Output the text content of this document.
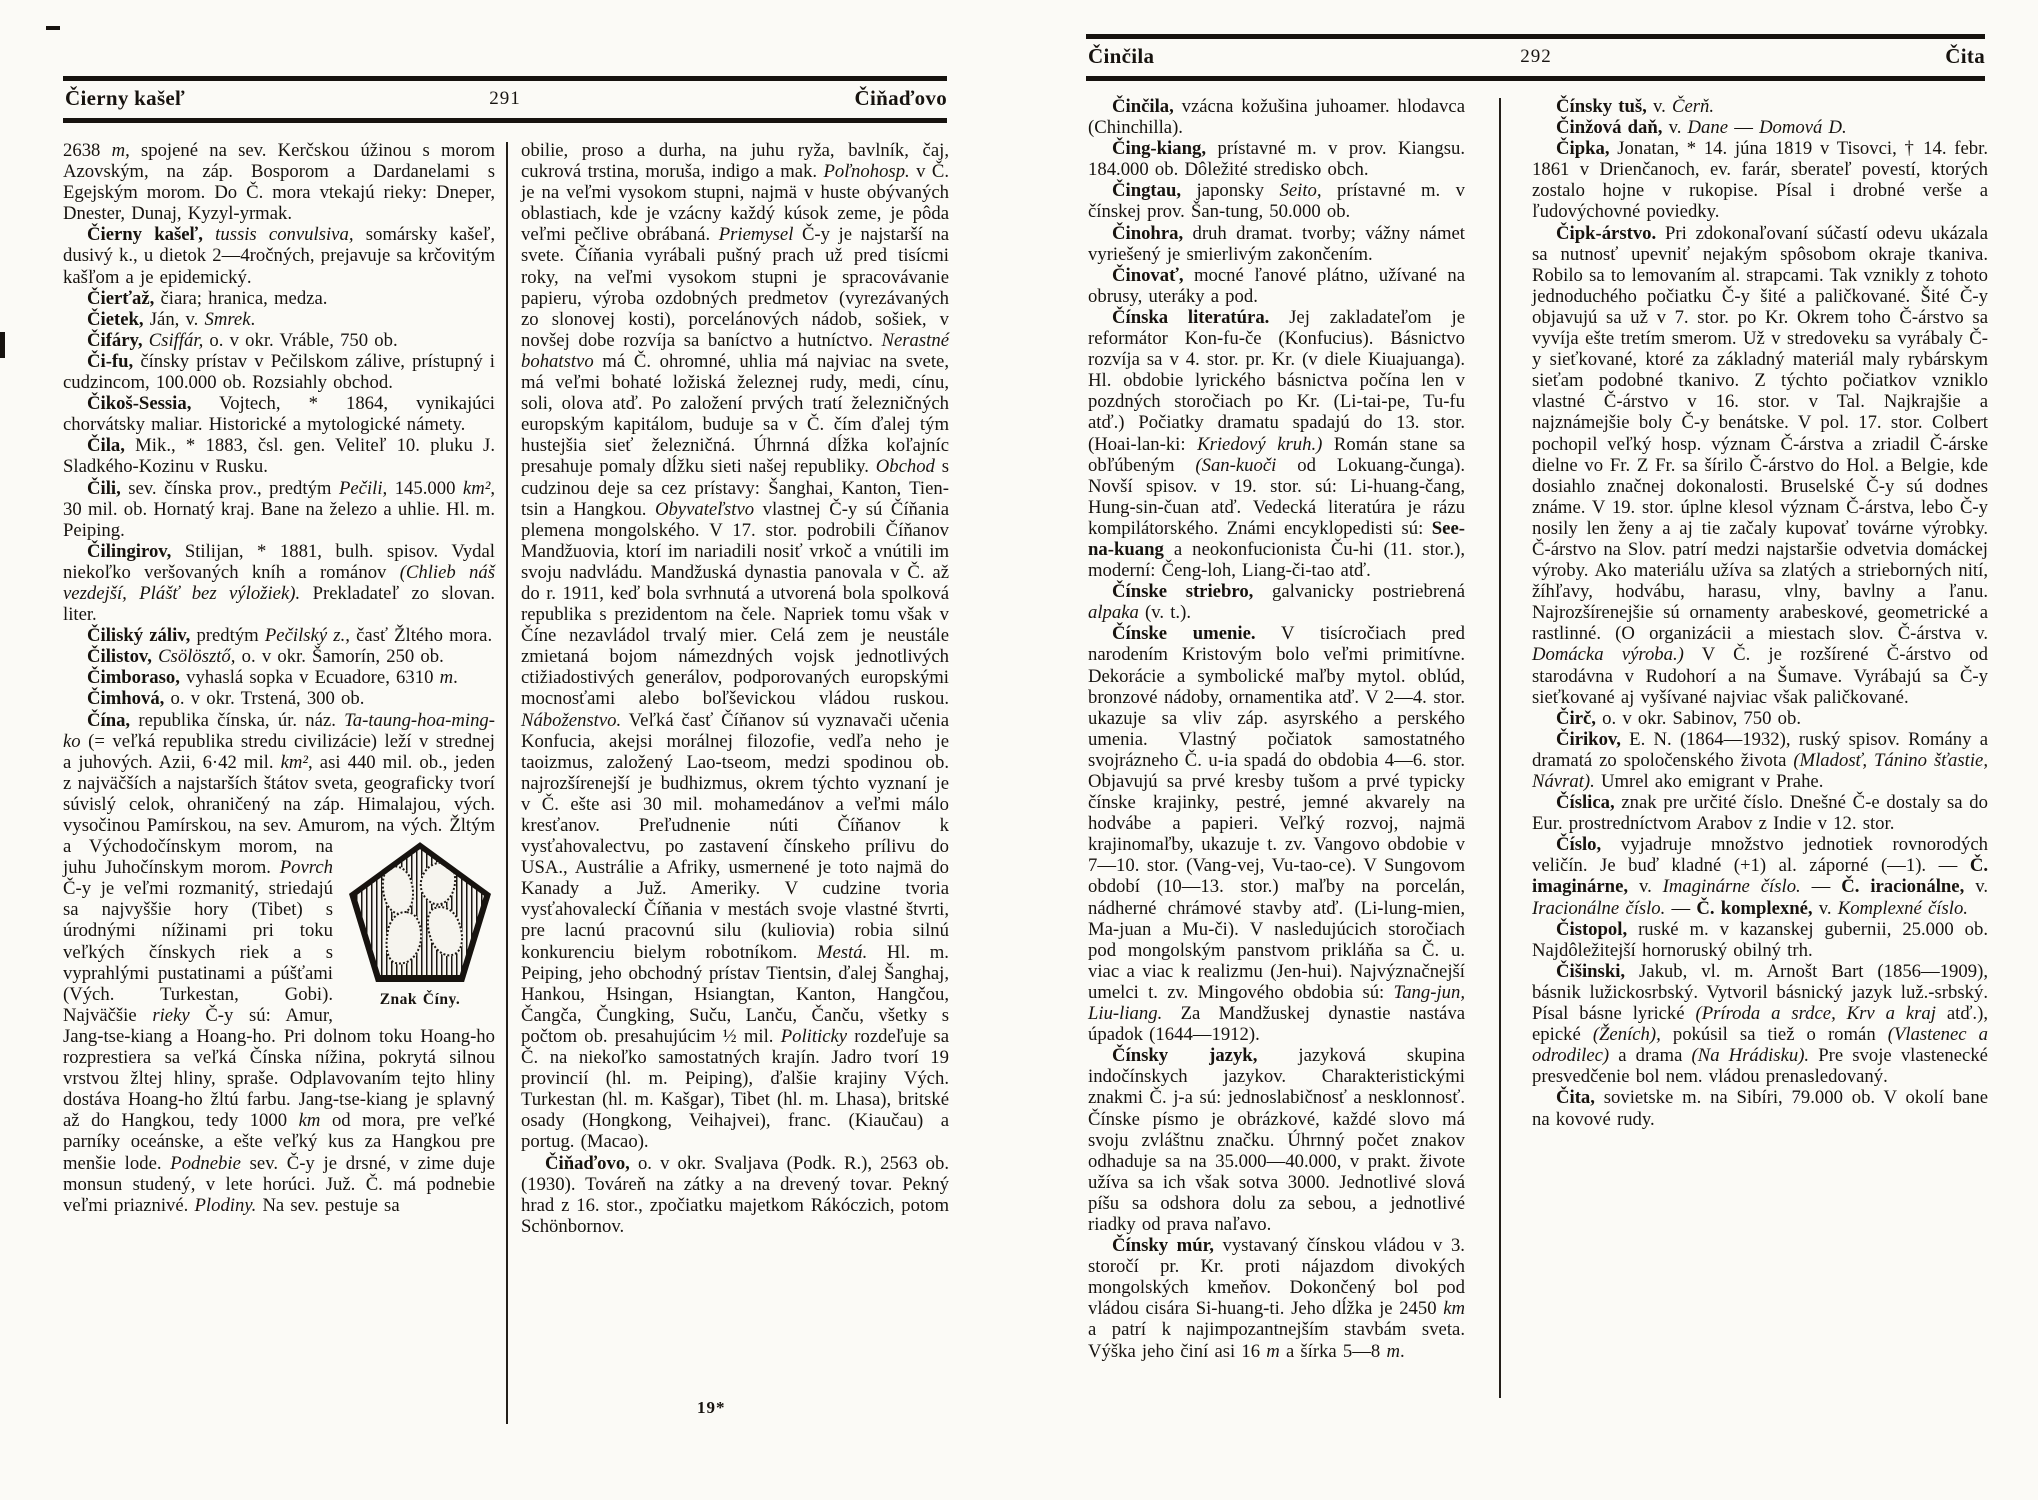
Čierny kašeľ	291	Čiňaďovo

2638 m, spojené na sev. Kerčskou úžinou s morom Azovským, na záp. Bosporom a Dardanelami s Egejským morom. Do Č. mora vtekajú rieky: Dneper, Dnester, Dunaj, Kyzyl-yrmak.

Čierny kašeľ, tussis convulsiva, somársky kašeľ, dusivý k., u dietok 2—4ročných, prejavuje sa krčovitým kašľom a je epidemický.

Čierťaž, čiara; hranica, medza.

Čietek, Ján, v. Smrek.

Čifáry, Csiffár, o. v okr. Vráble, 750 ob.

Či-fu, čínsky prístav v Pečilskom zálive, prístupný i cudzincom, 100.000 ob. Rozsiahly obchod.

Čikoš-Sessia, Vojtech, * 1864, vynikajúci chorvátsky maliar. Historické a mytologické námety.

Čila, Mik., * 1883, čsl. gen. Veliteľ 10. pluku J. Sladkého-Kozinu v Rusku.

Čili, sev. čínska prov., predtým Pečili, 145.000 km², 30 mil. ob. Hornatý kraj. Bane na železo a uhlie. Hl. m. Peiping.

Čilingirov, Stilijan, * 1881, bulh. spisov. Vydal niekoľko veršovaných kníh a románov (Chlieb náš vezdejší, Plášť bez výložiek). Prekladateľ zo slovan. liter.

Čiliský záliv, predtým Pečilský z., časť Žltého mora.

Čilistov, Csölösztő, o. v okr. Šamorín, 250 ob.

Čimboraso, vyhaslá sopka v Ecuadore, 6310 m.

Čimhová, o. v okr. Trstená, 300 ob.

Čína, republika čínska, úr. náz. Ta-taung-hoa-ming-ko (= veľká republika stredu civilizácie) leží v strednej a juhových. Azii, 6·42 mil. km², asi 440 mil. ob., jeden z najväčších a najstarších štátov sveta, geograficky tvorí súvislý celok, ohraničený na záp. Himalajou, vých. vysočinou Pamírskou, na sev. Amurom, na vých. Žltým
Znak Číny.
a Východočínskym morom, na juhu Juhočínskym morom. Povrch Č-y je veľmi rozmanitý, striedajú sa najvyššie hory (Tibet) s úrodnými nížinami pri toku veľkých čínskych riek a s vyprahlými pustatinami a púšťami (Vých. Turkestan, Gobi). Najväčšie rieky Č-y sú: Amur, Jang-tse-kiang a Hoang-ho. Pri dolnom toku Hoang-ho rozprestiera sa veľká Čínska nížina, pokrytá silnou vrstvou žltej hliny, spraše. Odplavovaním tejto hliny dostáva Hoang-ho žltú farbu. Jang-tse-kiang je splavný až do Hangkou, tedy 1000 km od mora, pre veľké parníky oceánske, a ešte veľký kus za Hangkou pre menšie lode. Podnebie sev. Č-y je drsné, v zime duje monsun studený, v lete horúci. Juž. Č. má podnebie veľmi priaznivé. Plodiny. Na sev. pestuje sa

obilie, proso a durha, na juhu ryža, bavlník, čaj, cukrová trstina, moruša, indigo a mak. Poľnohosp. v Č. je na veľmi vysokom stupni, najmä v huste obývaných oblastiach, kde je vzácny každý kúsok zeme, je pôda veľmi pečlive obrábaná. Priemysel Č-y je najstarší na svete. Číňania vyrábali pušný prach už pred tisícmi roky, na veľmi vysokom stupni je spracovávanie papieru, výroba ozdobných predmetov (vyrezávaných zo slonovej kosti), porcelánových nádob, sošiek, v novšej dobe rozvíja sa baníctvo a hutníctvo. Nerastné bohatstvo má Č. ohromné, uhlia má najviac na svete, má veľmi bohaté ložiská železnej rudy, medi, cínu, soli, olova atď. Po založení prvých tratí železničných europským kapitálom, buduje sa v Č. čím ďalej tým hustejšia sieť železničná. Úhrnná dĺžka koľajníc presahuje pomaly dĺžku sieti našej republiky. Obchod s cudzinou deje sa cez prístavy: Šanghai, Kanton, Tien-tsin a Hangkou. Obyvateľstvo vlastnej Č-y sú Číňania plemena mongolského. V 17. stor. podrobili Číňanov Mandžuovia, ktorí im nariadili nosiť vrkoč a vnútili im svoju nadvládu. Mandžuská dynastia panovala v Č. až do r. 1911, keď bola svrhnutá a utvorená bola spolková republika s prezidentom na čele. Napriek tomu však v Číne nezavládol trvalý mier. Celá zem je neustále zmietaná bojom námezdných vojsk jednotlivých ctižiadostivých generálov, podporovaných europskými mocnosťami alebo boľševickou vládou ruskou. Náboženstvo. Veľká časť Číňanov sú vyznavači učenia Konfucia, akejsi morálnej filozofie, vedľa neho je taoizmus, založený Lao-tseom, medzi spodinou ob. najrozšírenejší je budhizmus, okrem týchto vyznaní je v Č. ešte asi 30 mil. mohamedánov a veľmi málo kresťanov. Preľudnenie núti Číňanov k vysťahovalectvu, po zastavení čínskeho prílivu do USA., Austrálie a Afriky, usmernené je toto najmä do Kanady a Juž. Ameriky. V cudzine tvoria vysťahovaleckí Číňania v mestách svoje vlastné štvrti, pre lacnú pracovnú silu (kuliovia) robia silnú konkurenciu bielym robotníkom. Mestá. Hl. m. Peiping, jeho obchodný prístav Tientsin, ďalej Šanghaj, Hankou, Hsingan, Hsiangtan, Kanton, Hangčou, Čangča, Čungking, Suču, Lanču, Čanču, všetky s počtom ob. presahujúcim ½ mil. Politicky rozdeľuje sa Č. na niekoľko samostatných krajín. Jadro tvorí 19 provincií (hl. m. Peiping), ďalšie krajiny Vých. Turkestan (hl. m. Kašgar), Tibet (hl. m. Lhasa), britské osady (Hongkong, Veihajvei), franc. (Kiaučau) a portug. (Macao).

Čiňaďovo, o. v okr. Svaljava (Podk. R.), 2563 ob. (1930). Továreň na zátky a na drevený tovar. Pekný hrad z 16. stor., zpočiatku majetkom Rákóczich, potom Schönbornov.

19*
Činčila	292	Čita

Činčila, vzácna kožušina juhoamer. hlodavca (Chinchilla).

Čing-kiang, prístavné m. v prov. Kiangsu. 184.000 ob. Dôležité stredisko obch.

Čingtau, japonsky Seito, prístavné m. v čínskej prov. Šan-tung, 50.000 ob.

Činohra, druh dramat. tvorby; vážny námet vyriešený je smierlivým zakončením.

Činovať, mocné ľanové plátno, užívané na obrusy, uteráky a pod.

Čínska literatúra. Jej zakladateľom je reformátor Kon-fu-če (Konfucius). Básnictvo rozvíja sa v 4. stor. pr. Kr. (v diele Kiuajuanga). Hl. obdobie lyrického básnictva počína len v pozdných storočiach po Kr. (Li-tai-pe, Tu-fu atď.) Počiatky dramatu spadajú do 13. stor. (Hoai-lan-ki: Kriedový kruh.) Román stane sa obľúbeným (San-kuoči od Lokuang-čunga). Novší spisov. v 19. stor. sú: Li-huang-čang, Hung-sin-čuan atď. Vedecká literatúra je rázu kompilátorského. Známi encyklopedisti sú: See-na-kuang a neokonfucionista Ču-hi (11. stor.), moderní: Čeng-loh, Liang-či-tao atď.

Čínske striebro, galvanicky postriebrená alpaka (v. t.).

Čínske umenie. V tisícročiach pred narodením Kristovým bolo veľmi primitívne. Dekorácie a symbolické maľby mytol. oblúd, bronzové nádoby, ornamentika atď. V 2—4. stor. ukazuje sa vliv záp. asyrského a perského umenia. Vlastný počiatok samostatného svojrázneho Č. u-ia spadá do obdobia 4—6. stor. Objavujú sa prvé kresby tušom a prvé typicky čínske krajinky, pestré, jemné akvarely na hodvábe a papieri. Veľký rozvoj, najmä krajinomaľby, ukazuje t. zv. Vangovo obdobie v 7—10. stor. (Vang-vej, Vu-tao-ce). V Sungovom období (10—13. stor.) maľby na porcelán, nádherné chrámové stavby atď. (Li-lung-mien, Ma-juan a Mu-či). V nasledujúcich storočiach pod mongolským panstvom prikláňa sa Č. u. viac a viac k realizmu (Jen-hui). Najvýznačnejší umelci t. zv. Mingového obdobia sú: Tang-jun, Liu-liang. Za Mandžuskej dynastie nastáva úpadok (1644—1912).

Čínsky jazyk, jazyková skupina indočínskych jazykov. Charakteristickými znakmi Č. j-a sú: jednoslabičnosť a nesklonnosť. Čínske písmo je obrázkové, každé slovo má svoju zvláštnu značku. Úhrnný počet znakov odhaduje sa na 35.000—40.000, v prakt. živote užíva sa ich však sotva 3000. Jednotlivé slová píšu sa odshora dolu za sebou, a jednotlivé riadky od prava naľavo.

Čínsky múr, vystavaný čínskou vládou v 3. storočí pr. Kr. proti nájazdom divokých mongolských kmeňov. Dokončený bol pod vládou cisára Si-huang-ti. Jeho dĺžka je 2450 km a patrí k najimpozantnejším stavbám sveta. Výška jeho činí asi 16 m a šírka 5—8 m.

Čínsky tuš, v. Čerň.

Činžová daň, v. Dane — Domová D.

Čipka, Jonatan, * 14. júna 1819 v Tisovci, † 14. febr. 1861 v Drienčanoch, ev. farár, sberateľ povestí, ktorých zostalo hojne v rukopise. Písal i drobné verše a ľudovýchovné poviedky.

Čipk-árstvo. Pri zdokonaľovaní súčastí odevu ukázala sa nutnosť upevniť nejakým spôsobom okraje tkaniva. Robilo sa to lemovaním al. strapcami. Tak vznikly z tohoto jednoduchého počiatku Č-y šité a paličkované. Šité Č-y objavujú sa už v 7. stor. po Kr. Okrem toho Č-árstvo sa vyvíja ešte tretím smerom. Už v stredoveku sa vyrábaly Č-y sieťkované, ktoré za základný materiál maly rybárskym sieťam podobné tkanivo. Z týchto počiatkov vzniklo vlastné Č-árstvo v 16. stor. v Tal. Najkrajšie a najznámejšie boly Č-y benátske. V pol. 17. stor. Colbert pochopil veľký hosp. význam Č-árstva a zriadil Č-árske dielne vo Fr. Z Fr. sa šírilo Č-árstvo do Hol. a Belgie, kde dosiahlo značnej dokonalosti. Bruselské Č-y sú dodnes známe. V 19. stor. úplne klesol význam Č-árstva, lebo Č-y nosily len ženy a aj tie začaly kupovať továrne výrobky. Č-árstvo na Slov. patrí medzi najstaršie odvetvia domáckej výroby. Ako materiálu užíva sa zlatých a strieborných nití, žíhľavy, hodvábu, harasu, vlny, bavlny a ľanu. Najrozšírenejšie sú ornamenty arabeskové, geometrické a rastlinné. (O organizácii a miestach slov. Č-árstva v. Domácka výroba.) V Č. je rozšírené Č-árstvo od starodávna v Rudohorí a na Šumave. Vyrábajú sa Č-y sieťkované aj vyšívané najviac však paličkované.

Čirč, o. v okr. Sabinov, 750 ob.

Čirikov, E. N. (1864—1932), ruský spisov. Romány a dramatá zo spoločenského života (Mladosť, Tánino šťastie, Návrat). Umrel ako emigrant v Prahe.

Číslica, znak pre určité číslo. Dnešné Č-e dostaly sa do Eur. prostredníctvom Arabov z Indie v 12. stor.

Číslo, vyjadruje množstvo jednotiek rovnorodých veličín. Je buď kladné (+1) al. záporné (—1). — Č. imaginárne, v. Imaginárne číslo. — Č. iracionálne, v. Iracionálne číslo. — Č. komplexné, v. Komplexné číslo.

Čistopol, ruské m. v kazanskej gubernii, 25.000 ob. Najdôležitejší hornoruský obilný trh.

Čišinski, Jakub, vl. m. Arnošt Bart (1856—1909), básnik lužickosrbský. Vytvoril básnický jazyk luž.-srbský. Písal básne lyrické (Príroda a srdce, Krv a kraj atď.), epické (Ženích), pokúsil sa tiež o román (Vlastenec a odrodilec) a drama (Na Hrádisku). Pre svoje vlastenecké presvedčenie bol nem. vládou prenasledovaný.

Čita, sovietske m. na Sibíri, 79.000 ob. V okolí bane na kovové rudy.
